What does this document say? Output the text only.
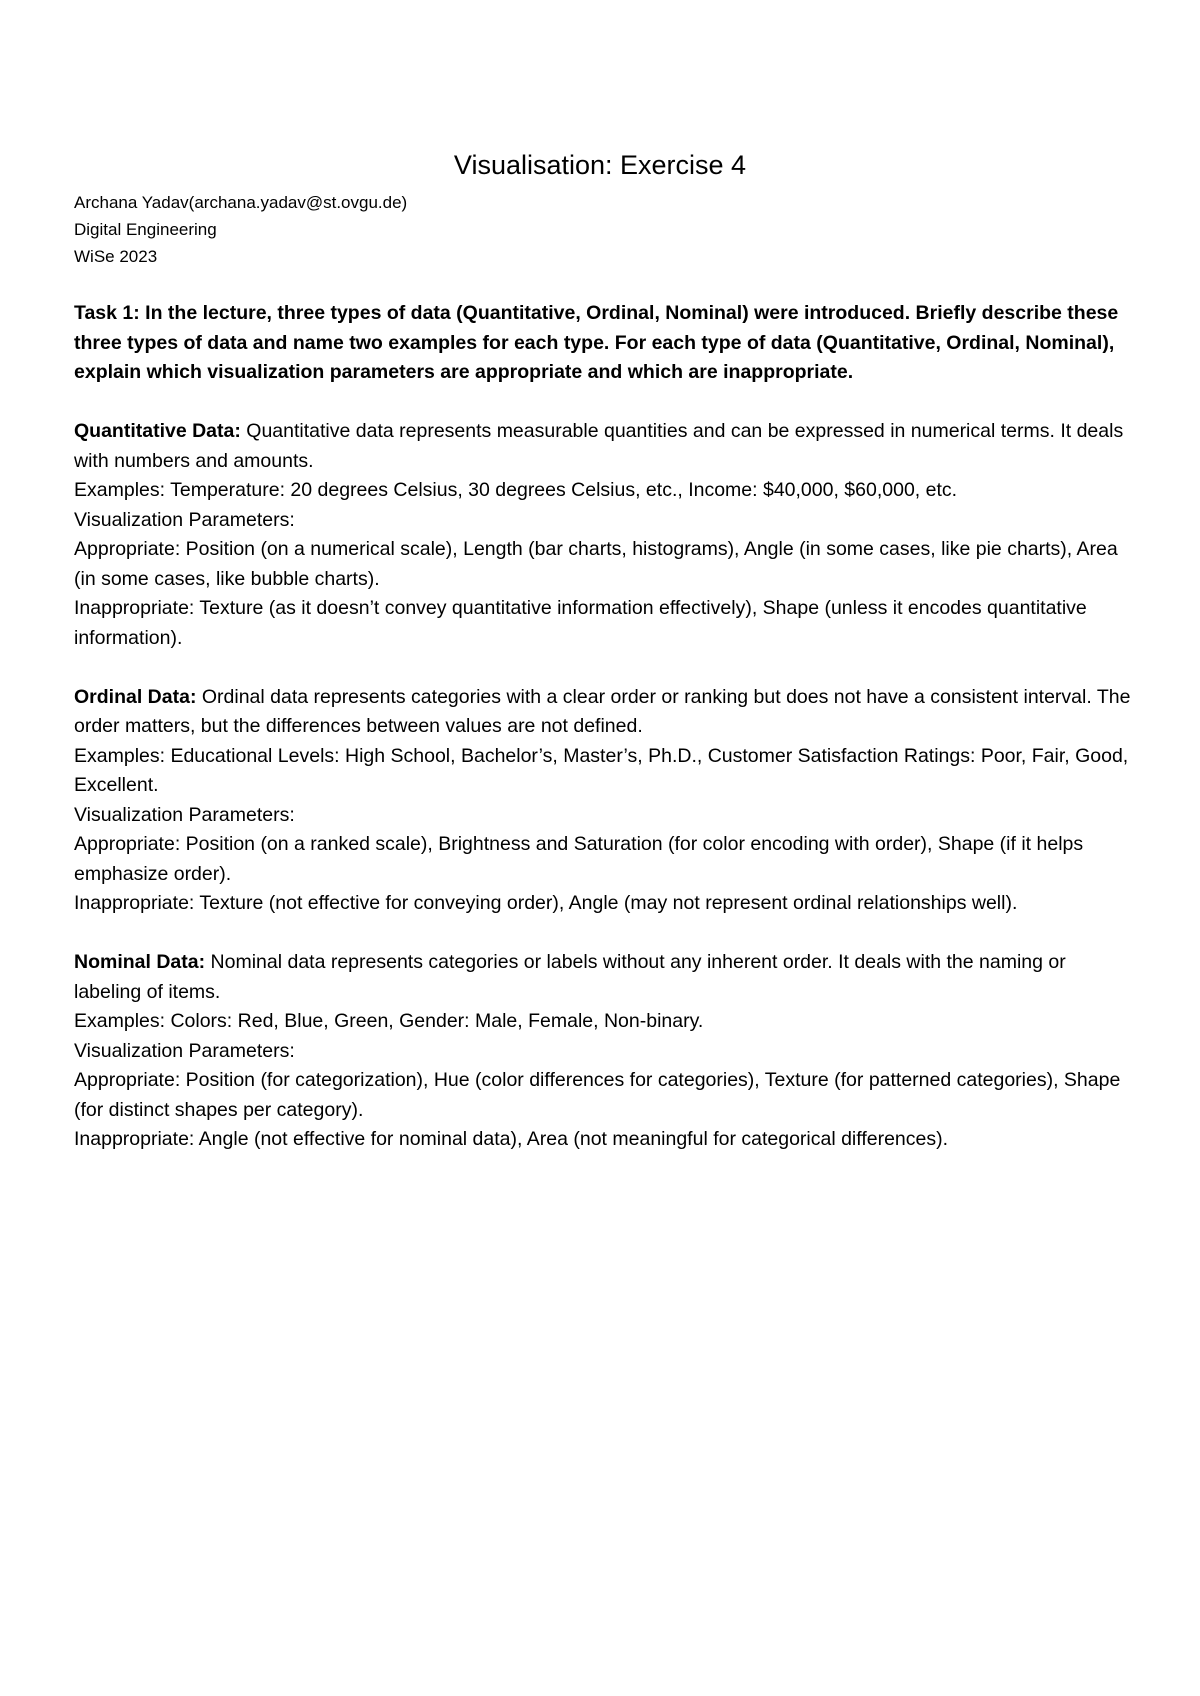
Visualisation: Exercise 4
Archana Yadav(archana.yadav@st.ovgu.de)
Digital Engineering
WiSe 2023

Task 1: In the lecture, three types of data (Quantitative, Ordinal, Nominal) were introduced. Briefly describe these three types of data and name two examples for each type. For each type of data (Quantitative, Ordinal, Nominal), explain which visualization parameters are appropriate and which are inappropriate.

Quantitative Data: Quantitative data represents measurable quantities and can be expressed in numerical terms. It deals with numbers and amounts.

Examples: Temperature: 20 degrees Celsius, 30 degrees Celsius, etc., Income: $40,000, $60,000, etc.

Visualization Parameters:

Appropriate: Position (on a numerical scale), Length (bar charts, histograms), Angle (in some cases, like pie charts), Area (in some cases, like bubble charts).

Inappropriate: Texture (as it doesn’t convey quantitative information effectively), Shape (unless it encodes quantitative information).

Ordinal Data: Ordinal data represents categories with a clear order or ranking but does not have a consistent interval. The order matters, but the differences between values are not defined.

Examples: Educational Levels: High School, Bachelor’s, Master’s, Ph.D., Customer Satisfaction Ratings: Poor, Fair, Good, Excellent.

Visualization Parameters:

Appropriate: Position (on a ranked scale), Brightness and Saturation (for color encoding with order), Shape (if it helps emphasize order).

Inappropriate: Texture (not effective for conveying order), Angle (may not represent ordinal relationships well).

Nominal Data: Nominal data represents categories or labels without any inherent order. It deals with the naming or labeling of items.

Examples: Colors: Red, Blue, Green, Gender: Male, Female, Non-binary.

Visualization Parameters:

Appropriate: Position (for categorization), Hue (color differences for categories), Texture (for patterned categories), Shape (for distinct shapes per category).

Inappropriate: Angle (not effective for nominal data), Area (not meaningful for categorical differences).
